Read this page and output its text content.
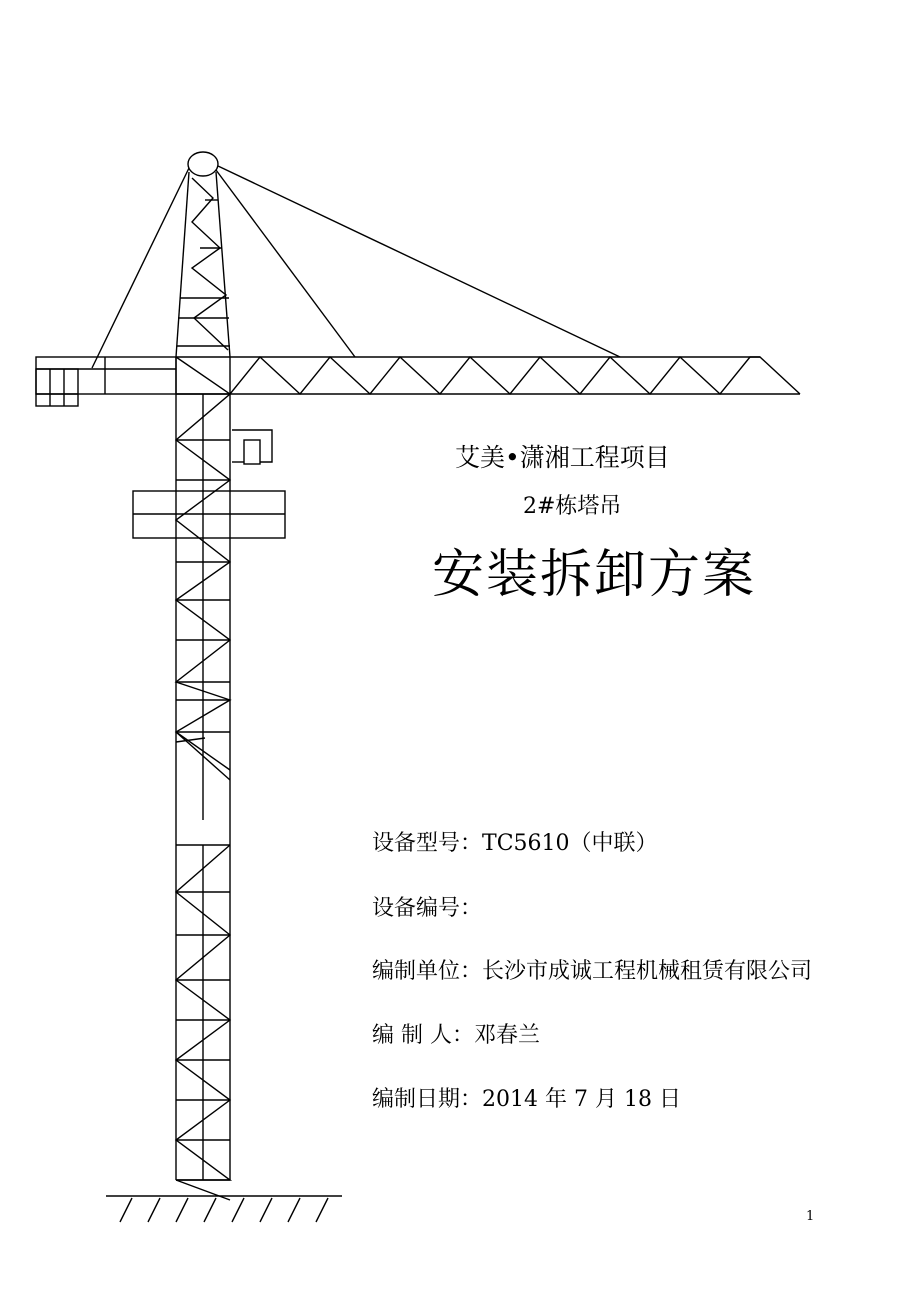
艾美•潇湘工程项目
2#栋塔吊
安装拆卸方案
设备型号：TC5610（中联）
设备编号：
编制单位：长沙市成诚工程机械租赁有限公司
编 制 人：邓春兰
编制日期：2014 年 7 月 18 日
1
